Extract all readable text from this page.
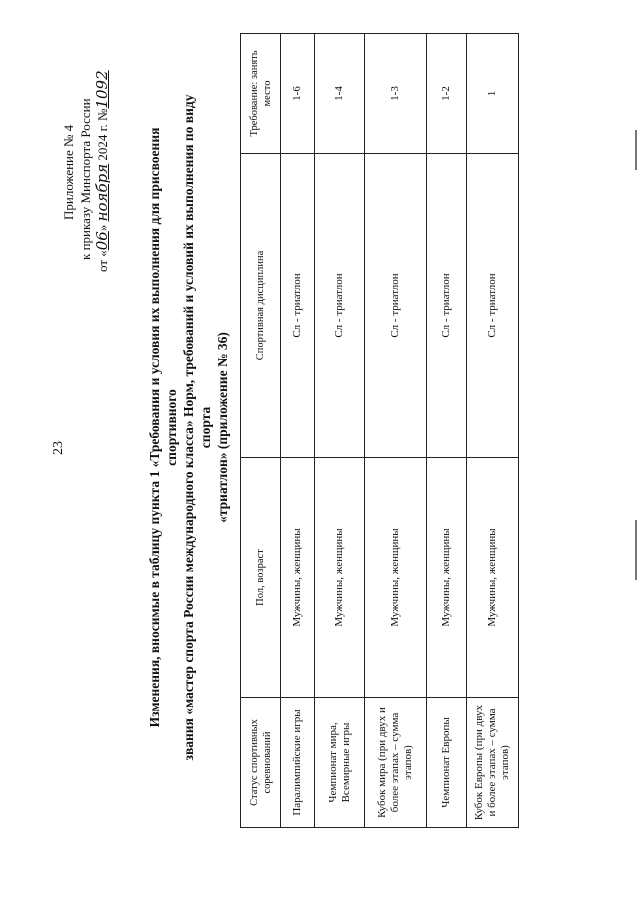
23
Приложение № 4 к приказу Минспорта России
от «06» ноября 2024 г. №1092
Изменения, вносимые в таблицу пункта 1 «Требования и условия их выполнения для присвоения спортивного звания «мастер спорта России международного класса» Норм, требований и условий их выполнения по виду спорта «триатлон» (приложение № 36)
Статус спортивных соревнований	Пол, возраст	Спортивная дисциплина	Требование: занять место
Паралимпийские игры	Мужчины, женщины	Сл - триатлон	1-6
Чемпионат мира, Всемирные игры	Мужчины, женщины	Сл - триатлон	1-4
Кубок мира (при двух и более этапах – сумма этапов)	Мужчины, женщины	Сл - триатлон	1-3
Чемпионат Европы	Мужчины, женщины	Сл - триатлон	1-2
Кубок Европы (при двух и более этапах – сумма этапов)	Мужчины, женщины	Сл - триатлон	1
